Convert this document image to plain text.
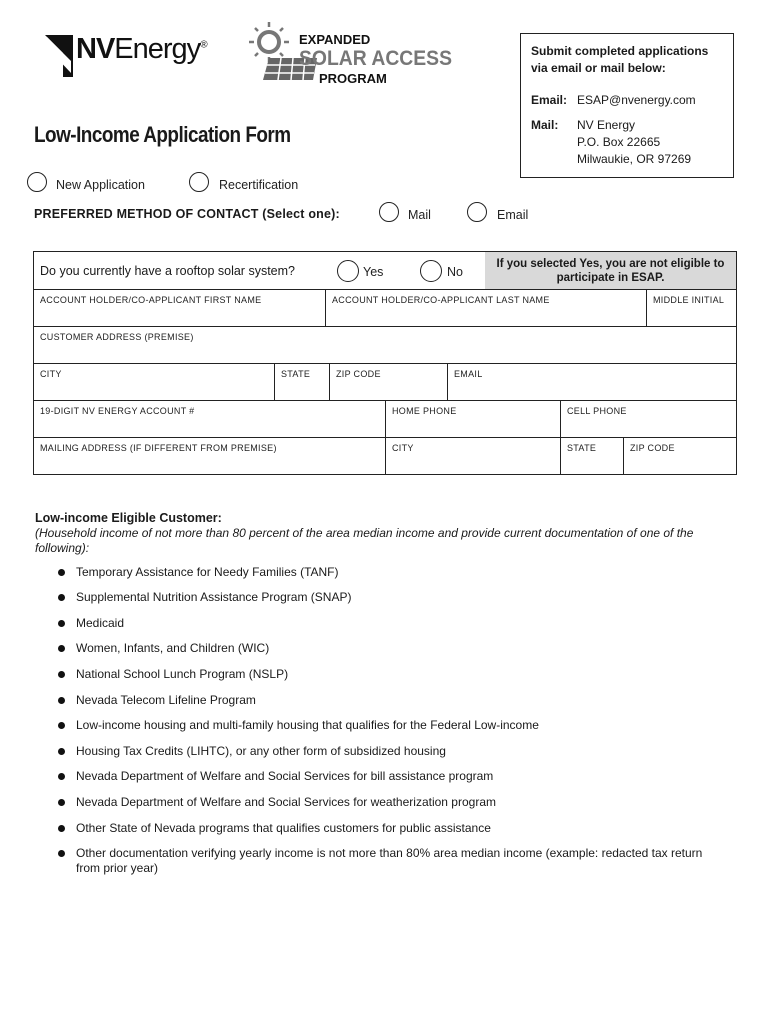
NVEnergy®	EXPANDED
SOLAR ACCESS
PROGRAM
Submit completed applications via email or mail below:
Email: ESAP@nvenergy.com
Mail: NV Energy
P.O. Box 22665
Milwaukie, OR 97269
Low-Income Application Form
New Application	Recertification
PREFERRED METHOD OF CONTACT (Select one):	Mail	Email
Do you currently have a rooftop solar system?	Yes	No
If you selected Yes, you are not eligible to participate in ESAP.
ACCOUNT HOLDER/CO-APPLICANT FIRST NAME	ACCOUNT HOLDER/CO-APPLICANT LAST NAME	MIDDLE INITIAL
CUSTOMER ADDRESS (PREMISE)
CITY	STATE	ZIP CODE	EMAIL
19-DIGIT NV ENERGY ACCOUNT #	HOME PHONE	CELL PHONE
MAILING ADDRESS (IF DIFFERENT FROM PREMISE)	CITY	STATE	ZIP CODE
Low-income Eligible Customer:
(Household income of not more than 80 percent of the area median income and provide current documentation of one of the following):
Temporary Assistance for Needy Families (TANF)
Supplemental Nutrition Assistance Program (SNAP)
Medicaid
Women, Infants, and Children (WIC)
National School Lunch Program (NSLP)
Nevada Telecom Lifeline Program
Low-income housing and multi-family housing that qualifies for the Federal Low-income
Housing Tax Credits (LIHTC), or any other form of subsidized housing
Nevada Department of Welfare and Social Services for bill assistance program
Nevada Department of Welfare and Social Services for weatherization program
Other State of Nevada programs that qualifies customers for public assistance
Other documentation verifying yearly income is not more than 80% area median income (example: redacted tax return from prior year)
